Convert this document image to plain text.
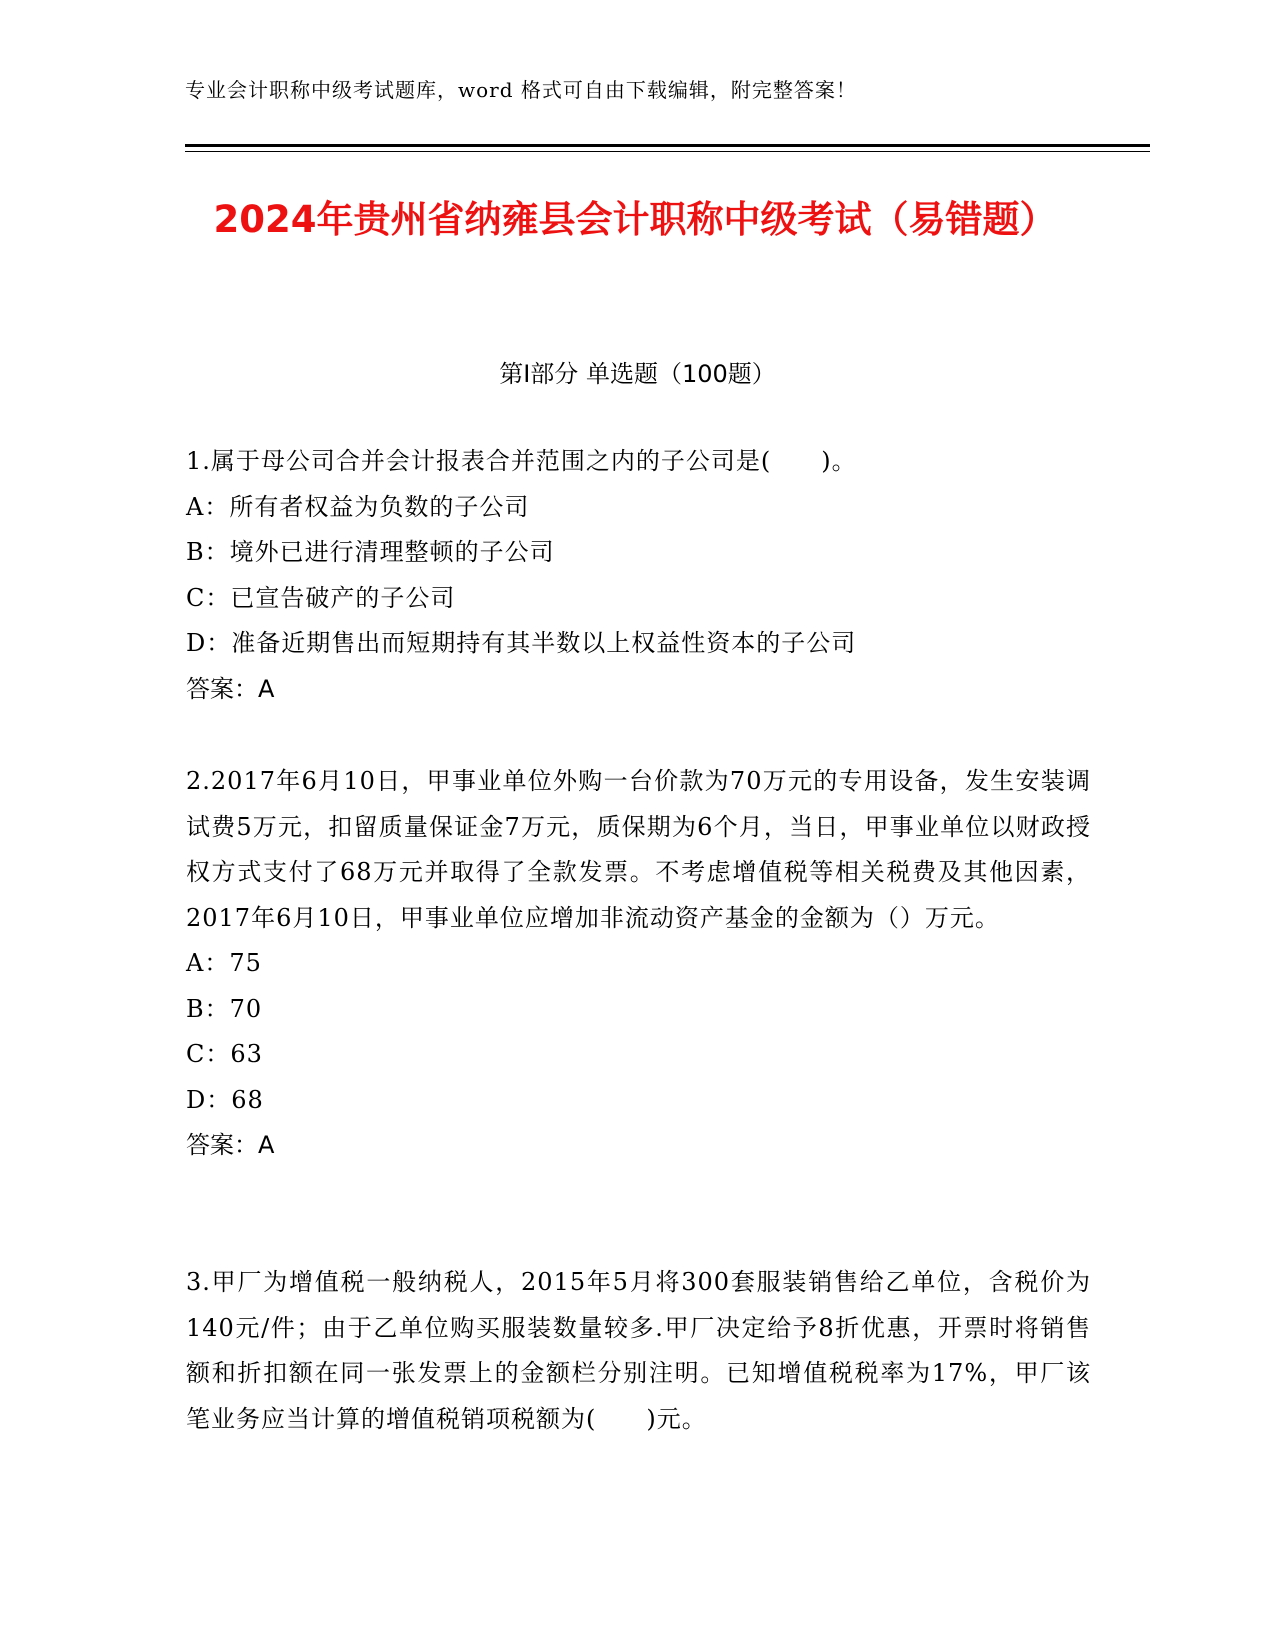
专业会计职称中级考试题库，word 格式可自由下载编辑，附完整答案！
2024年贵州省纳雍县会计职称中级考试（易错题）
第Ⅰ部分 单选题（100题）
1.属于母公司合并会计报表合并范围之内的子公司是(　　)。
A：所有者权益为负数的子公司
B：境外已进行清理整顿的子公司
C：已宣告破产的子公司
D：准备近期售出而短期持有其半数以上权益性资本的子公司
答案：A
2.2017年6月10日，甲事业单位外购一台价款为70万元的专用设备，发生安装调试费5万元，扣留质量保证金7万元，质保期为6个月，当日，甲事业单位以财政授权方式支付了68万元并取得了全款发票。不考虑增值税等相关税费及其他因素，2017年6月10日，甲事业单位应增加非流动资产基金的金额为（）万元。
A：75
B：70
C：63
D：68
答案：A
3.甲厂为增值税一般纳税人，2015年5月将300套服装销售给乙单位，含税价为140元/件；由于乙单位购买服装数量较多.甲厂决定给予8折优惠，开票时将销售额和折扣额在同一张发票上的金额栏分别注明。已知增值税税率为17%，甲厂该笔业务应当计算的增值税销项税额为(　　)元。
